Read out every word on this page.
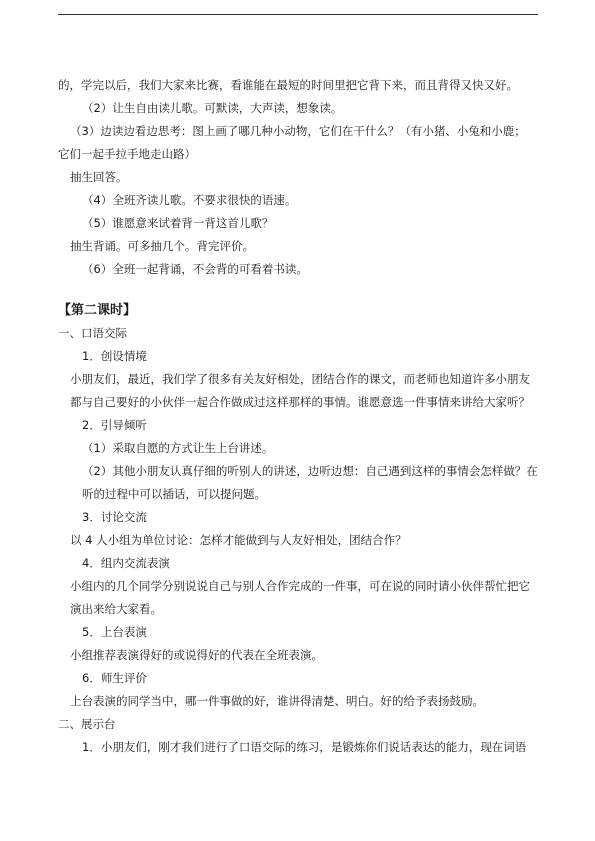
的，学完以后，我们大家来比赛，看谁能在最短的时间里把它背下来，而且背得又快又好。
（2）让生自由读儿歌。可默读，大声读，想象读。
（3）边读边看边思考：图上画了哪几种小动物，它们在干什么？（有小猪、小兔和小鹿；
它们一起手拉手地走山路）
抽生回答。
（4）全班齐读儿歌。不要求很快的语速。
（5）谁愿意来试着背一背这首儿歌？
抽生背诵。可多抽几个。背完评价。
（6）全班一起背诵，不会背的可看着书读。
【第二课时】
一、口语交际
1．创设情境
小朋友们，最近，我们学了很多有关友好相处，团结合作的课文，而老师也知道许多小朋友都与自己要好的小伙伴一起合作做成过这样那样的事情。谁愿意选一件事情来讲给大家听？
2．引导倾听
（1）采取自愿的方式让生上台讲述。
（2）其他小朋友认真仔细的听别人的讲述，边听边想：自己遇到这样的事情会怎样做？在听的过程中可以插话，可以提问题。
3．讨论交流
以 4 人小组为单位讨论：怎样才能做到与人友好相处，团结合作？
4．组内交流表演
小组内的几个同学分别说说自己与别人合作完成的一件事，可在说的同时请小伙伴帮忙把它演出来给大家看。
5．上台表演
小组推荐表演得好的或说得好的代表在全班表演。
6．师生评价
上台表演的同学当中，哪一件事做的好，谁讲得清楚、明白。好的给予表扬鼓励。
二、展示台
1．小朋友们，刚才我们进行了口语交际的练习，是锻炼你们说话表达的能力，现在词语
